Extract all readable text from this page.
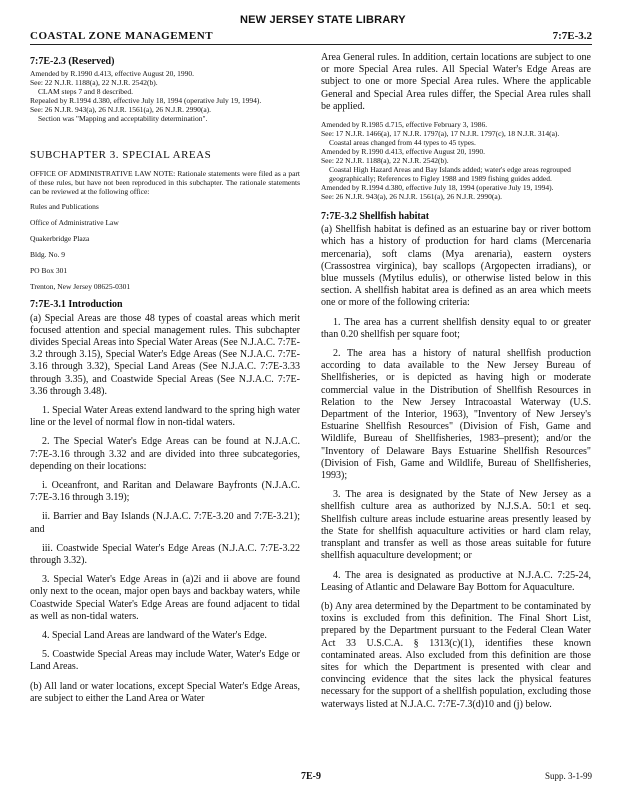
COASTAL ZONE MANAGEMENT
NEW JERSEY STATE LIBRARY
7:7E-3.2
7:7E-2.3 (Reserved)
Amended by R.1990 d.413, effective August 20, 1990.
See: 22 N.J.R. 1188(a), 22 N.J.R. 2542(b).
CLAM steps 7 and 8 described.
Repealed by R.1994 d.380, effective July 18, 1994 (operative July 19, 1994).
See: 26 N.J.R. 943(a), 26 N.J.R. 1561(a), 26 N.J.R. 2990(a).
Section was "Mapping and acceptability determination".
SUBCHAPTER 3. SPECIAL AREAS

OFFICE OF ADMINISTRATIVE LAW NOTE: Rationale statements were filed as a part of these rules, but have not been reproduced in this subchapter. The rationale statements can be reviewed at the following office:

Rules and Publications
Office of Administrative Law
Quakerbridge Plaza
Bldg. No. 9
PO Box 301
Trenton, New Jersey 08625-0301
7:7E-3.1 Introduction

(a) Special Areas are those 48 types of coastal areas which merit focused attention and special management rules. This subchapter divides Special Areas into Special Water Areas (See N.J.A.C. 7:7E-3.2 through 3.15), Special Water's Edge Areas (See N.J.A.C. 7:7E-3.16 through 3.32), Special Land Areas (See N.J.A.C. 7:7E-3.33 through 3.35), and Coastwide Special Areas (See N.J.A.C. 7:7E-3.36 through 3.48).

1. Special Water Areas extend landward to the spring high water line or the level of normal flow in non-tidal waters.

2. The Special Water's Edge Areas can be found at N.J.A.C. 7:7E-3.16 through 3.32 and are divided into three subcategories, depending on their locations:

i. Oceanfront, and Raritan and Delaware Bayfronts (N.J.A.C. 7:7E-3.16 through 3.19);

ii. Barrier and Bay Islands (N.J.A.C. 7:7E-3.20 and 7:7E-3.21); and

iii. Coastwide Special Water's Edge Areas (N.J.A.C. 7:7E-3.22 through 3.32).

3. Special Water's Edge Areas in (a)2i and ii above are found only next to the ocean, major open bays and backbay waters, while Coastwide Special Water's Edge Areas are found adjacent to tidal as well as non-tidal waters.

4. Special Land Areas are landward of the Water's Edge.

5. Coastwide Special Areas may include Water, Water's Edge or Land Areas.

(b) All land or water locations, except Special Water's Edge Areas, are subject to either the Land Area or Water

Area General rules. In addition, certain locations are subject to one or more Special Area rules. All Special Water's Edge Areas are subject to one or more Special Area rules. Where the applicable General and Special Area rules differ, the Special Area rules shall be applied.

Amended by R.1985 d.715, effective February 3, 1986.
See: 17 N.J.R. 1466(a), 17 N.J.R. 1797(a), 17 N.J.R. 1797(c), 18 N.J.R. 314(a).
Coastal areas changed from 44 types to 45 types.
Amended by R.1990 d.413, effective August 20, 1990.
See: 22 N.J.R. 1188(a), 22 N.J.R. 2542(b).
Coastal High Hazard Areas and Bay Islands added; water's edge areas regrouped geographically; References to Figley 1988 and 1989 fishing guides added.
Amended by R.1994 d.380, effective July 18, 1994 (operative July 19, 1994).
See: 26 N.J.R. 943(a), 26 N.J.R. 1561(a), 26 N.J.R. 2990(a).
7:7E-3.2 Shellfish habitat

(a) Shellfish habitat is defined as an estuarine bay or river bottom which has a history of production for hard clams (Mercenaria mercenaria), soft clams (Mya arenaria), eastern oysters (Crassostrea virginica), bay scallops (Argopecten irradians), or blue mussels (Mytilus edulis), or otherwise listed below in this section. A shellfish habitat area is defined as an area which meets one or more of the following criteria:

1. The area has a current shellfish density equal to or greater than 0.20 shellfish per square foot;

2. The area has a history of natural shellfish production according to data available to the New Jersey Bureau of Shellfisheries, or is depicted as having high or moderate commercial value in the Distribution of Shellfish Resources in Relation to the New Jersey Intracoastal Waterway (U.S. Department of the Interior, 1963), "Inventory of New Jersey's Estuarine Shellfish Resources" (Division of Fish, Game and Wildlife, Bureau of Shellfisheries, 1983–present); and/or the "Inventory of Delaware Bays Estuarine Shellfish Resources" (Division of Fish, Game and Wildlife, Bureau of Shellfisheries, 1993);

3. The area is designated by the State of New Jersey as a shellfish culture area as authorized by N.J.S.A. 50:1 et seq. Shellfish culture areas include estuarine areas presently leased by the State for shellfish aquaculture activities or hard clam relay, transplant and transfer as well as those areas suitable for future shellfish aquaculture development; or

4. The area is designated as productive at N.J.A.C. 7:25-24, Leasing of Atlantic and Delaware Bay Bottom for Aquaculture.

(b) Any area determined by the Department to be contaminated by toxins is excluded from this definition. The Final Short List, prepared by the Department pursuant to the Federal Clean Water Act 33 U.S.C.A. § 1313(c)(1), identifies these known contaminated areas. Also excluded from this definition are those sites for which the Department is presented with clear and convincing evidence that the sites lack the physical features necessary for the support of a shellfish population, excluding those waterways listed at N.J.A.C. 7:7E-7.3(d)10 and (j) below.

7E-9	Supp. 3-1-99
